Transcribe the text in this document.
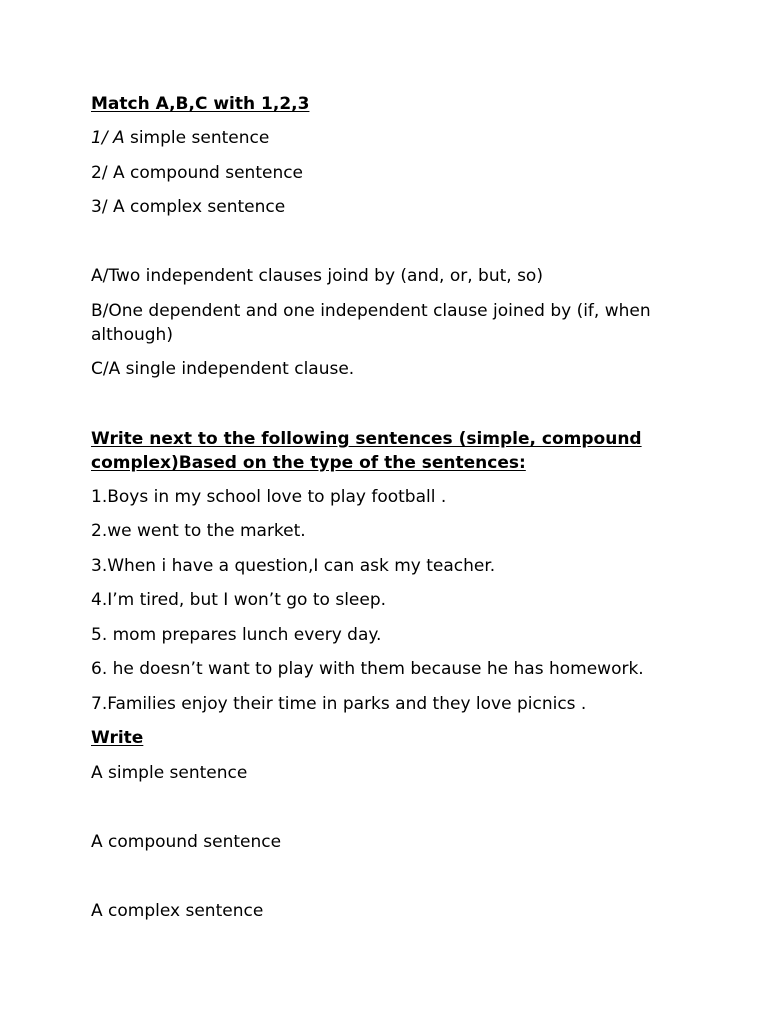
Match A,B,C with 1,2,3

1/ A simple sentence

2/ A compound sentence

3/ A complex sentence

A/Two independent clauses joind by (and, or, but, so)

B/One dependent and one independent clause joined by (if, when although)

C/A single independent clause.

Write next to the following sentences (simple, compound

complex)Based on the type of the sentences:

1.Boys in my school love to play football .

2.we went to the market.

3.When i have a question,I can ask my teacher.

4.I’m tired, but I won’t go to sleep.

5. mom prepares lunch every day.

6. he doesn’t want to play with them because he has homework.

7.Families enjoy their time in parks and they love picnics .

Write

A simple sentence

A compound sentence

A complex sentence
